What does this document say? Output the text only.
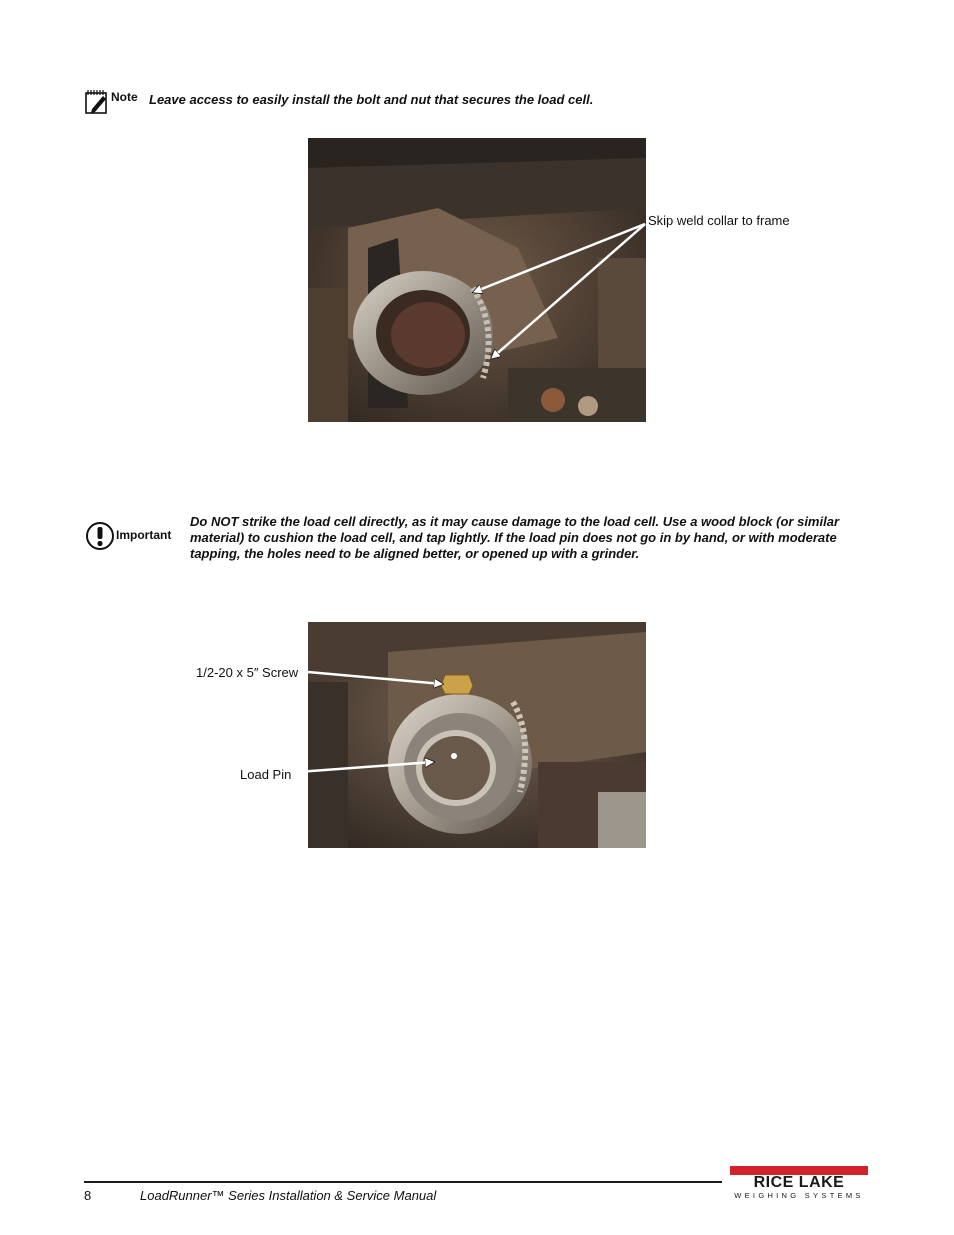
Note Leave access to easily install the bolt and nut that secures the load cell.
Skip weld collar to frame
Important
Do NOT strike the load cell directly, as it may cause damage to the load cell. Use a wood block (or similar material) to cushion the load cell, and tap lightly. If the load pin does not go in by hand, or with moderate tapping, the holes need to be aligned better, or opened up with a grinder.
1/2-20 x 5″ Screw
Load Pin
8	LoadRunner™ Series Installation & Service Manual
RICE LAKE
WEIGHING SYSTEMS
